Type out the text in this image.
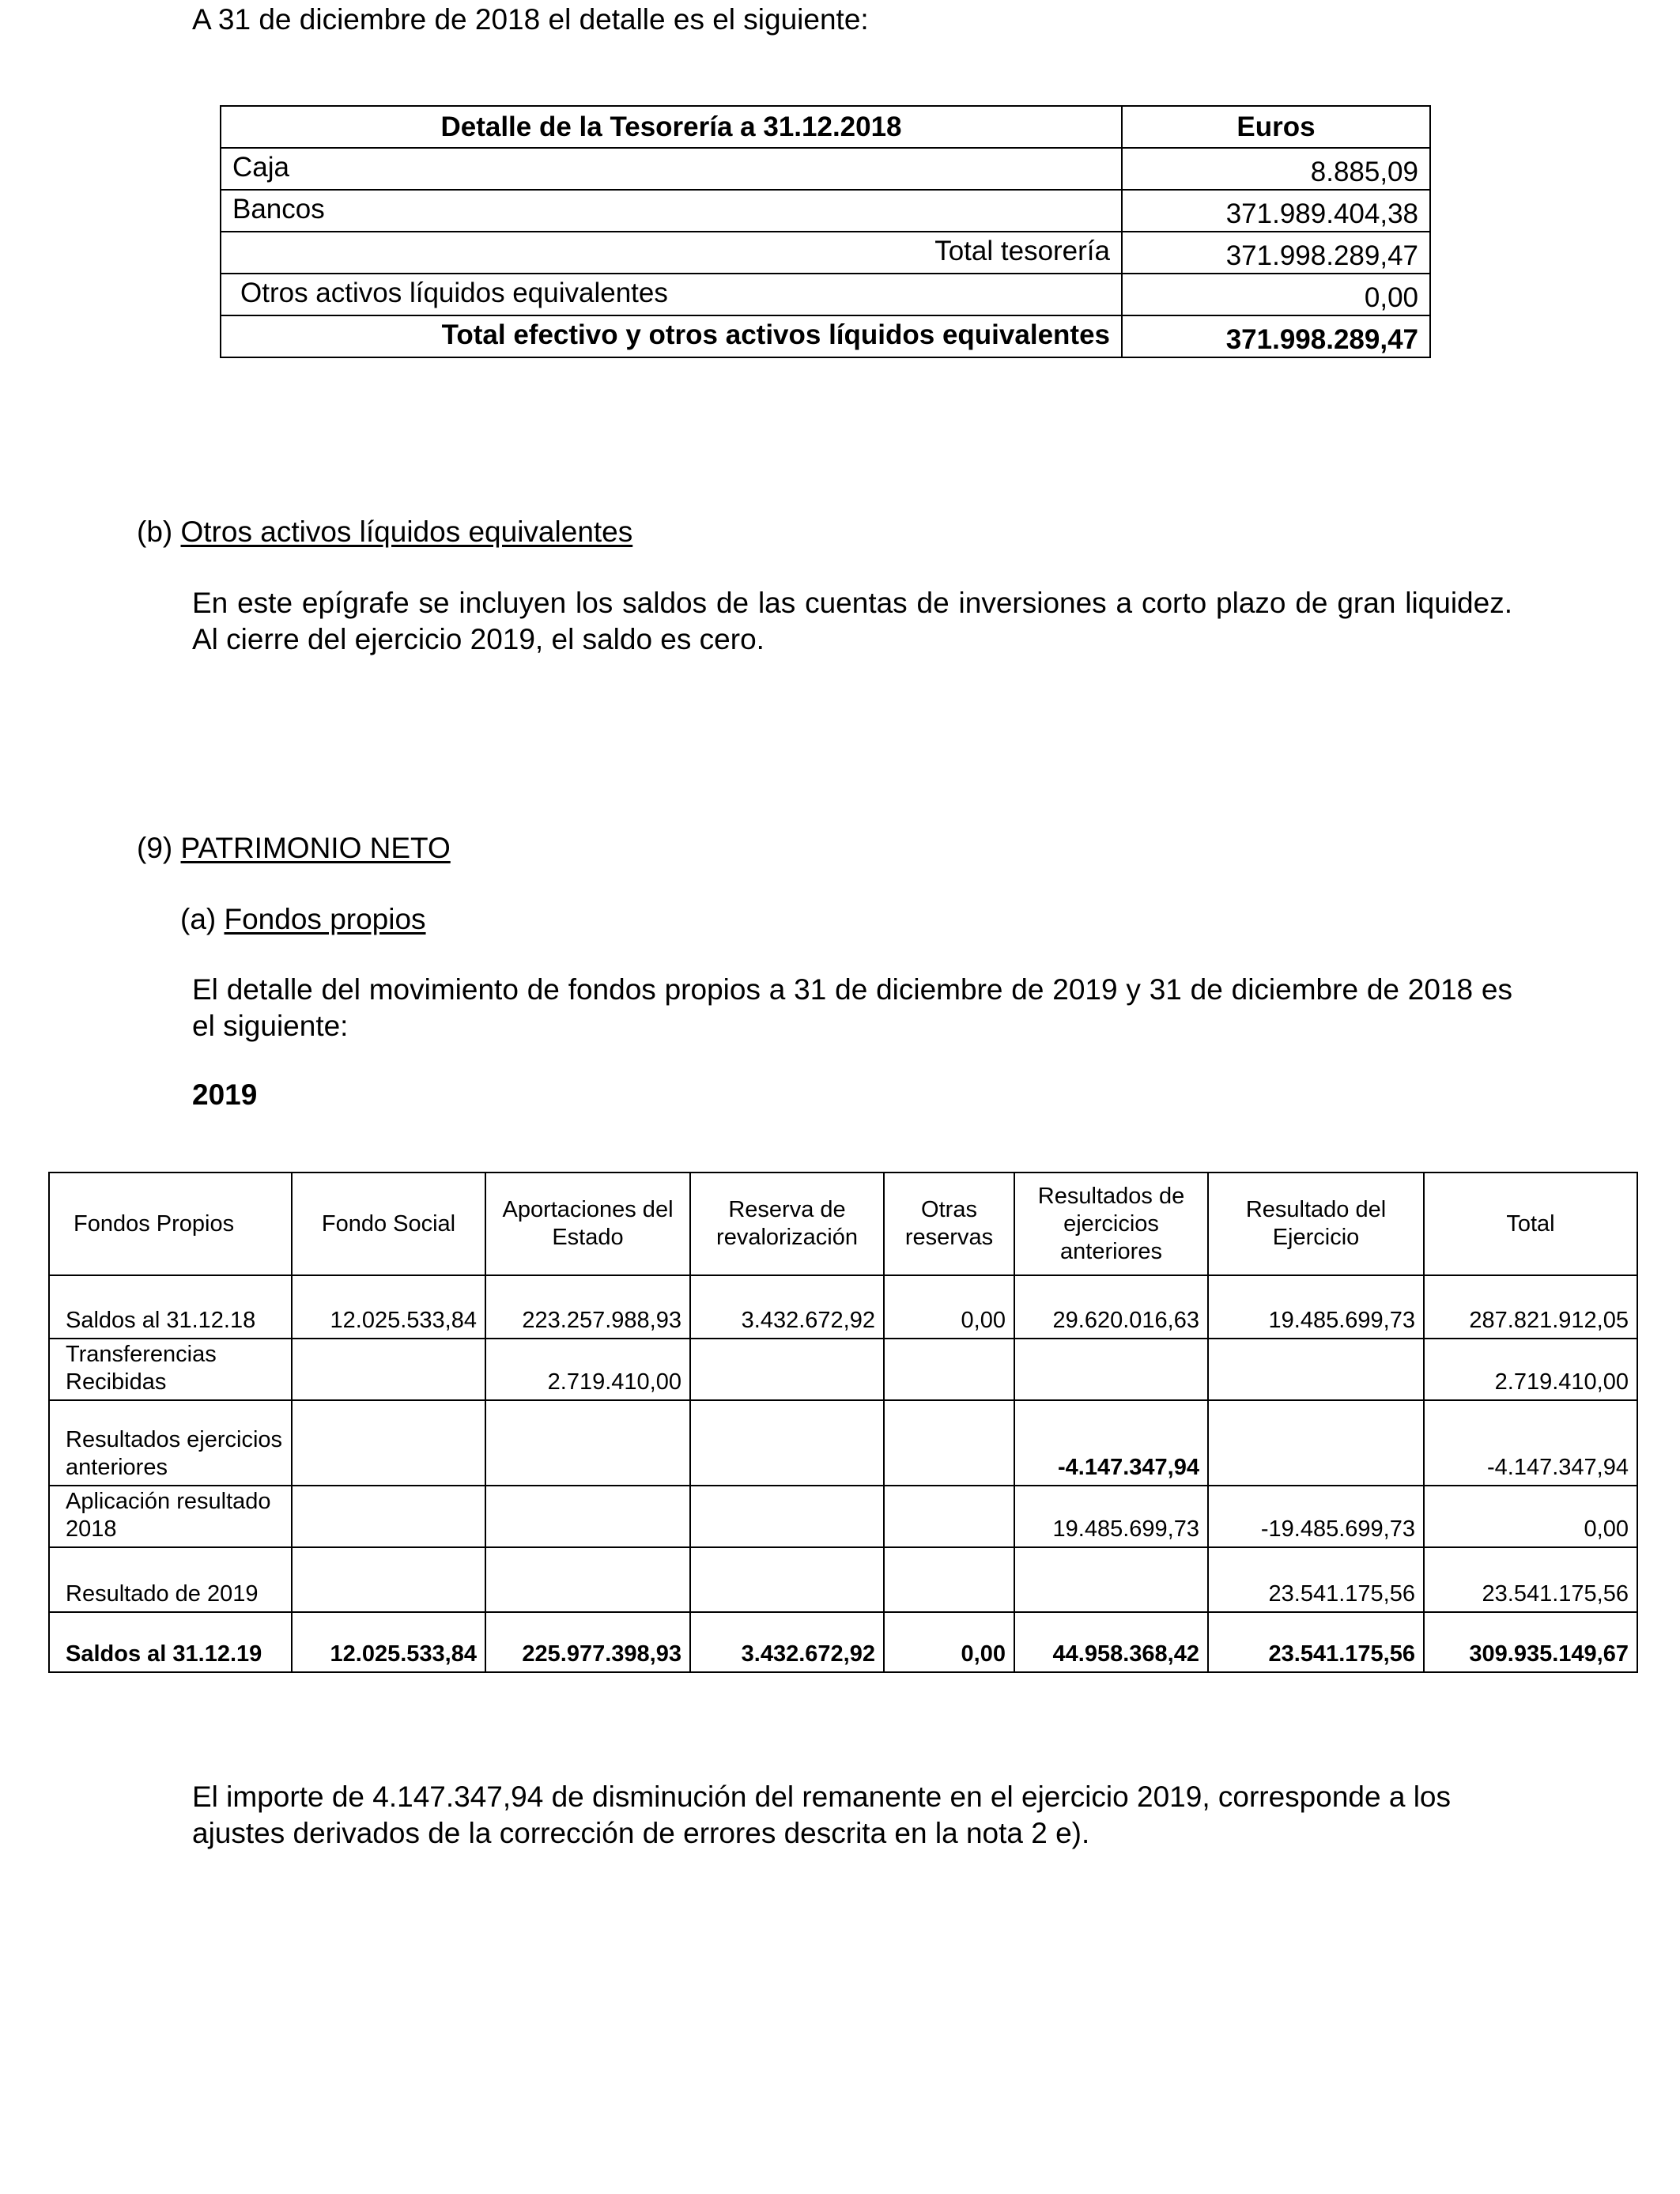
A 31 de diciembre de 2018 el detalle es el siguiente:
Detalle de la Tesorería a 31.12.2018	Euros
Caja	8.885,09
Bancos	371.989.404,38
Total tesorería	371.998.289,47
Otros activos líquidos equivalentes	0,00
Total efectivo y otros activos líquidos equivalentes	371.998.289,47
(b) Otros activos líquidos equivalentes
En este epígrafe se incluyen los saldos de las cuentas de inversiones a corto plazo de gran liquidez. Al cierre del ejercicio 2019, el saldo es cero.
(9) PATRIMONIO NETO
(a) Fondos propios
El detalle del movimiento de fondos propios a 31 de diciembre de 2019 y 31 de diciembre de 2018 es el siguiente:
2019
Fondos Propios	Fondo Social	Aportaciones del Estado	Reserva de revalorización	Otras reservas	Resultados de ejercicios anteriores	Resultado del Ejercicio	Total
Saldos al 31.12.18	12.025.533,84	223.257.988,93	3.432.672,92	0,00	29.620.016,63	19.485.699,73	287.821.912,05
Transferencias Recibidas		2.719.410,00					2.719.410,00
Resultados ejercicios anteriores					-4.147.347,94		-4.147.347,94
Aplicación resultado 2018					19.485.699,73	-19.485.699,73	0,00
Resultado de 2019						23.541.175,56	23.541.175,56
Saldos al 31.12.19	12.025.533,84	225.977.398,93	3.432.672,92	0,00	44.958.368,42	23.541.175,56	309.935.149,67
El importe de 4.147.347,94 de disminución del remanente en el ejercicio 2019, corresponde a los ajustes derivados de la corrección de errores descrita en la nota 2 e).
